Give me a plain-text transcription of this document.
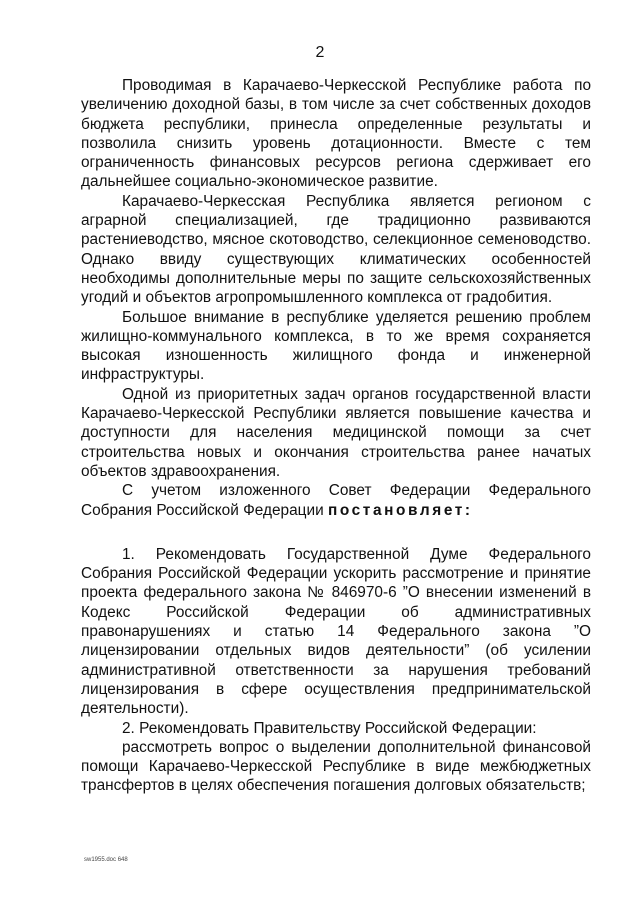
2

Проводимая в Карачаево-Черкесской Республике работа по увеличению доходной базы, в том числе за счет собственных доходов бюджета республики, принесла определенные результаты и позволила снизить уровень дотационности. Вместе с тем ограниченность финансовых ресурсов региона сдерживает его дальнейшее социально-экономическое развитие.

Карачаево-Черкесская Республика является регионом с аграрной специализацией, где традиционно развиваются растениеводство, мясное скотоводство, селекционное семеноводство. Однако ввиду существующих климатических особенностей необходимы дополнительные меры по защите сельскохозяйственных угодий и объектов агропромышленного комплекса от градобития.

Большое внимание в республике уделяется решению проблем жилищно-коммунального комплекса, в то же время сохраняется высокая изношенность жилищного фонда и инженерной инфраструктуры.

Одной из приоритетных задач органов государственной власти Карачаево-Черкесской Республики является повышение качества и доступности для населения медицинской помощи за счет строительства новых и окончания строительства ранее начатых объектов здравоохранения.

С учетом изложенного Совет Федерации Федерального Собрания Российской Федерации постановляет:

1. Рекомендовать Государственной Думе Федерального Собрания Российской Федерации ускорить рассмотрение и принятие проекта федерального закона № 846970-6 ”О внесении изменений в Кодекс Российской Федерации об административных правонарушениях и статью 14 Федерального закона ”О лицензировании отдельных видов деятельности” (об усилении административной ответственности за нарушения требований лицензирования в сфере осуществления предпринимательской деятельности).

2. Рекомендовать Правительству Российской Федерации:

рассмотреть вопрос о выделении дополнительной финансовой помощи Карачаево-Черкесской Республике в виде межбюджетных трансфертов в целях обеспечения погашения долговых обязательств;

sw1955.doc 648
